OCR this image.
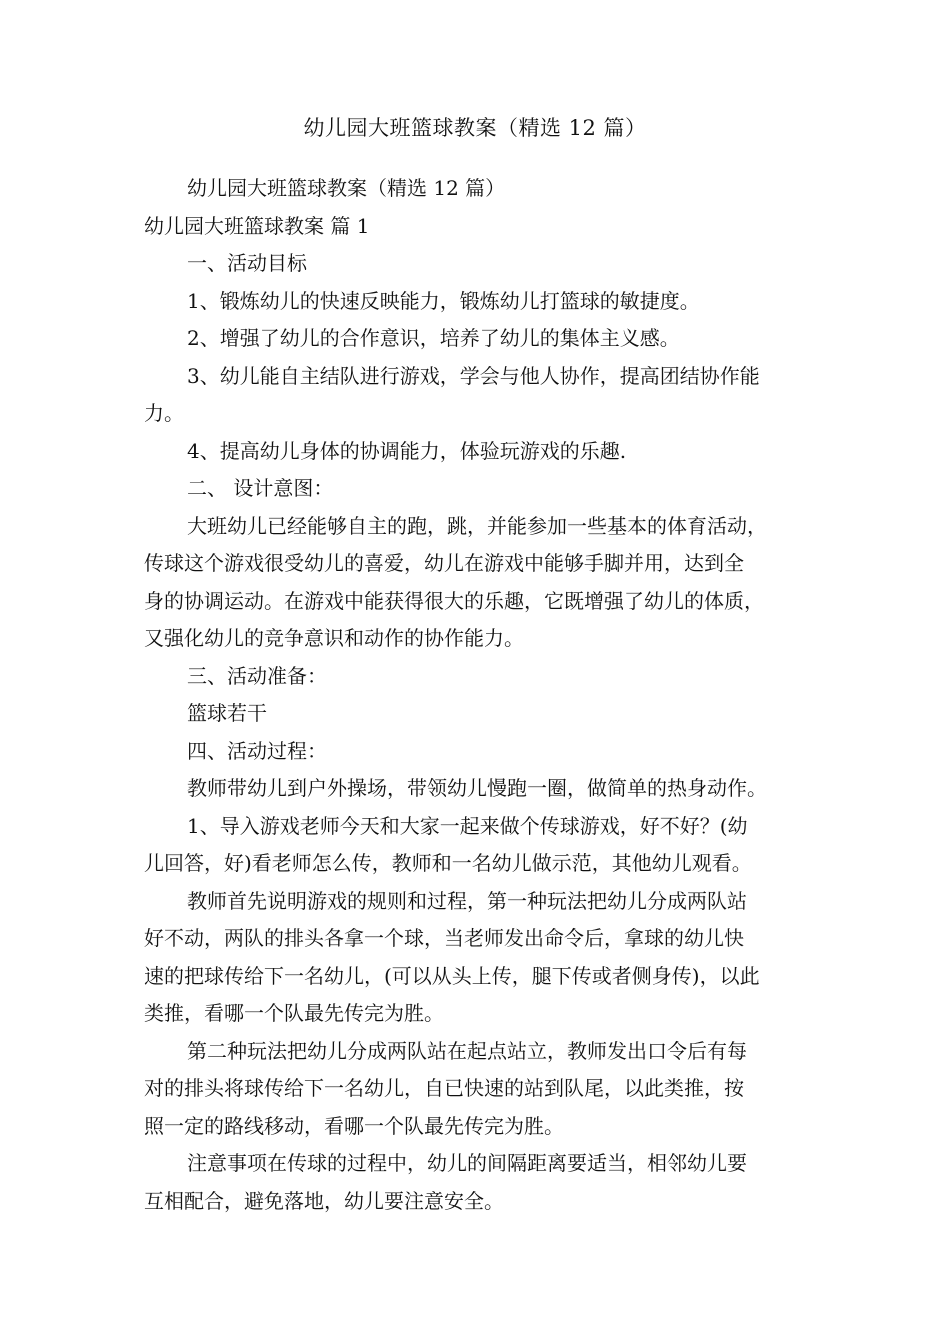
幼儿园大班篮球教案（精选 12 篇）
幼儿园大班篮球教案（精选 12 篇）
幼儿园大班篮球教案 篇 1
一、活动目标
1、锻炼幼儿的快速反映能力，锻炼幼儿打篮球的敏捷度。
2、增强了幼儿的合作意识，培养了幼儿的集体主义感。
3、幼儿能自主结队进行游戏，学会与他人协作，提高团结协作能
力。
4、提高幼儿身体的协调能力，体验玩游戏的乐趣.
二、 设计意图：
大班幼儿已经能够自主的跑，跳，并能参加一些基本的体育活动，
传球这个游戏很受幼儿的喜爱，幼儿在游戏中能够手脚并用，达到全
身的协调运动。在游戏中能获得很大的乐趣，它既增强了幼儿的体质，
又强化幼儿的竞争意识和动作的协作能力。
三、活动准备：
篮球若干
四、活动过程：
教师带幼儿到户外操场，带领幼儿慢跑一圈，做简单的热身动作。
1、导入游戏老师今天和大家一起来做个传球游戏，好不好？(幼
儿回答，好)看老师怎么传，教师和一名幼儿做示范，其他幼儿观看。
教师首先说明游戏的规则和过程，第一种玩法把幼儿分成两队站
好不动，两队的排头各拿一个球，当老师发出命令后，拿球的幼儿快
速的把球传给下一名幼儿，(可以从头上传，腿下传或者侧身传)，以此
类推，看哪一个队最先传完为胜。
第二种玩法把幼儿分成两队站在起点站立，教师发出口令后有每
对的排头将球传给下一名幼儿，自已快速的站到队尾，以此类推，按
照一定的路线移动，看哪一个队最先传完为胜。
注意事项在传球的过程中，幼儿的间隔距离要适当，相邻幼儿要
互相配合，避免落地，幼儿要注意安全。
